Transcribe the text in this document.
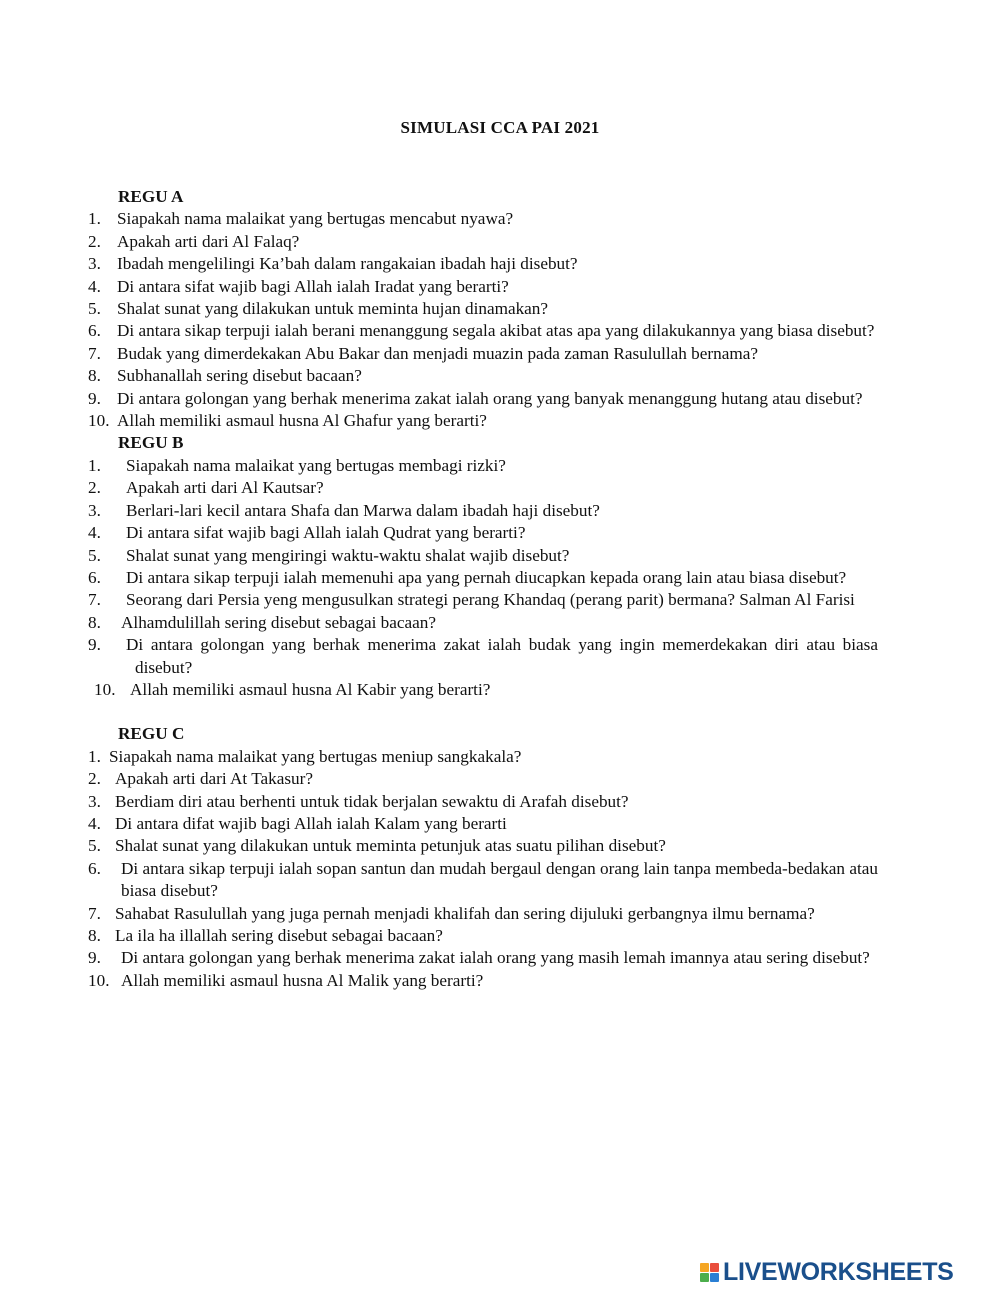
SIMULASI CCA PAI 2021
REGU A
1. Siapakah nama malaikat yang bertugas mencabut nyawa?
2. Apakah arti dari Al Falaq?
3. Ibadah mengelilingi Ka’bah dalam rangakaian ibadah haji disebut?
4. Di antara sifat wajib bagi Allah ialah Iradat yang berarti?
5. Shalat sunat yang dilakukan untuk meminta hujan dinamakan?
6. Di antara sikap terpuji ialah berani menanggung segala akibat atas apa yang dilakukannya yang biasa disebut?
7. Budak yang dimerdekakan Abu Bakar dan menjadi muazin pada zaman Rasulullah bernama?
8. Subhanallah sering disebut bacaan?
9. Di antara golongan yang berhak menerima zakat ialah orang yang banyak menanggung hutang atau disebut?
10. Allah memiliki asmaul husna Al Ghafur yang berarti?
REGU B
1.	Siapakah nama malaikat yang bertugas membagi rizki?
2.	Apakah arti dari Al Kautsar?
3.	Berlari-lari kecil antara Shafa dan Marwa dalam ibadah haji disebut?
4.	Di antara sifat wajib bagi Allah ialah Qudrat yang berarti?
5.	Shalat sunat yang mengiringi waktu-waktu shalat wajib disebut?
6.	Di antara sikap terpuji ialah memenuhi apa yang pernah diucapkan kepada orang lain atau biasa disebut?
7.	Seorang dari Persia yeng mengusulkan strategi perang Khandaq (perang parit) bermana? Salman Al Farisi
8.	Alhamdulillah sering disebut sebagai bacaan?
9.	Di antara golongan yang berhak menerima zakat ialah budak yang ingin memerdekakan diri atau biasa disebut?
10. Allah memiliki asmaul husna Al Kabir yang berarti?
REGU C
1. Siapakah nama malaikat yang bertugas meniup sangkakala?
2. Apakah arti dari At Takasur?
3. Berdiam diri atau berhenti untuk tidak berjalan sewaktu di Arafah disebut?
4. Di antara difat wajib bagi Allah ialah Kalam yang berarti
5. Shalat sunat yang dilakukan untuk meminta petunjuk atas suatu pilihan disebut?
6.	Di antara sikap terpuji ialah sopan santun dan mudah bergaul dengan orang lain tanpa membeda-bedakan atau biasa disebut?
7. Sahabat Rasulullah yang juga pernah menjadi khalifah dan sering dijuluki gerbangnya ilmu bernama?
8. La ila ha illallah sering disebut sebagai bacaan?
9.	Di antara golongan yang berhak menerima zakat ialah orang yang masih lemah imannya atau sering disebut?
10. Allah memiliki asmaul husna Al Malik yang berarti?
LIVEWORKSHEETS
